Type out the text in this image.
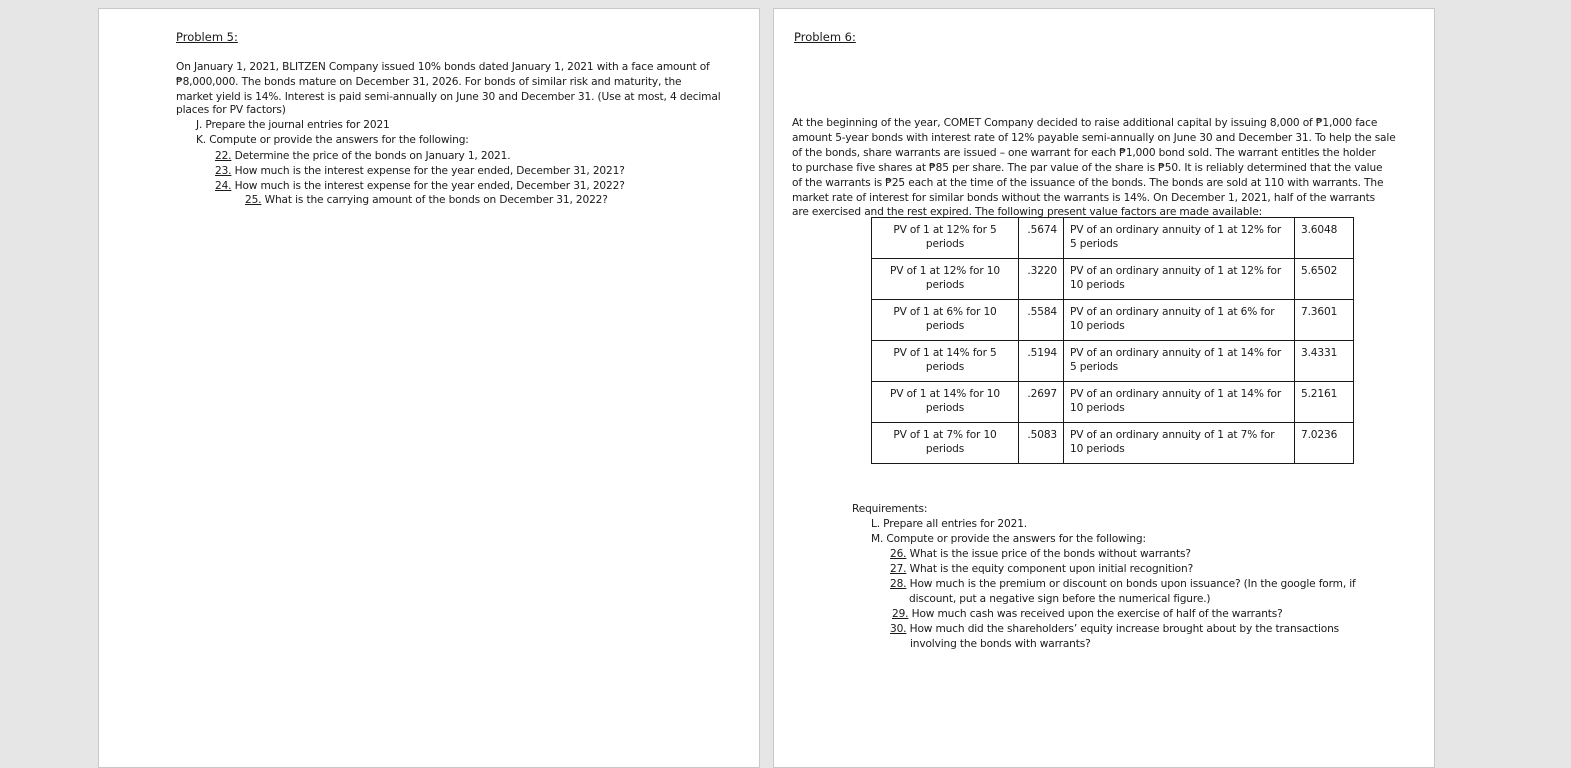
Problem 5:
On January 1, 2021, BLITZEN Company issued 10% bonds dated January 1, 2021 with a face amount of
₱8,000,000. The bonds mature on December 31, 2026. For bonds of similar risk and maturity, the
market yield is 14%. Interest is paid semi-annually on June 30 and December 31. (Use at most, 4 decimal
places for PV factors)
J. Prepare the journal entries for 2021
K. Compute or provide the answers for the following:
22. Determine the price of the bonds on January 1, 2021.
23. How much is the interest expense for the year ended, December 31, 2021?
24. How much is the interest expense for the year ended, December 31, 2022?
25. What is the carrying amount of the bonds on December 31, 2022?
Problem 6:
At the beginning of the year, COMET Company decided to raise additional capital by issuing 8,000 of ₱1,000 face
amount 5-year bonds with interest rate of 12% payable semi-annually on June 30 and December 31. To help the sale
of the bonds, share warrants are issued – one warrant for each ₱1,000 bond sold. The warrant entitles the holder
to purchase five shares at ₱85 per share. The par value of the share is ₱50. It is reliably determined that the value
of the warrants is ₱25 each at the time of the issuance of the bonds. The bonds are sold at 110 with warrants. The
market rate of interest for similar bonds without the warrants is 14%. On December 1, 2021, half of the warrants
are exercised and the rest expired. The following present value factors are made available:
PV of 1 at 12% for 5 periods	.5674	PV of an ordinary annuity of 1 at 12% for 5 periods	3.6048
PV of 1 at 12% for 10 periods	.3220	PV of an ordinary annuity of 1 at 12% for 10 periods	5.6502
PV of 1 at 6% for 10 periods	.5584	PV of an ordinary annuity of 1 at 6% for 10 periods	7.3601
PV of 1 at 14% for 5 periods	.5194	PV of an ordinary annuity of 1 at 14% for 5 periods	3.4331
PV of 1 at 14% for 10 periods	.2697	PV of an ordinary annuity of 1 at 14% for 10 periods	5.2161
PV of 1 at 7% for 10 periods	.5083	PV of an ordinary annuity of 1 at 7% for 10 periods	7.0236
Requirements:
L. Prepare all entries for 2021.
M. Compute or provide the answers for the following:
26. What is the issue price of the bonds without warrants?
27. What is the equity component upon initial recognition?
28. How much is the premium or discount on bonds upon issuance? (In the google form, if
discount, put a negative sign before the numerical figure.)
29. How much cash was received upon the exercise of half of the warrants?
30. How much did the shareholders’ equity increase brought about by the transactions
involving the bonds with warrants?
